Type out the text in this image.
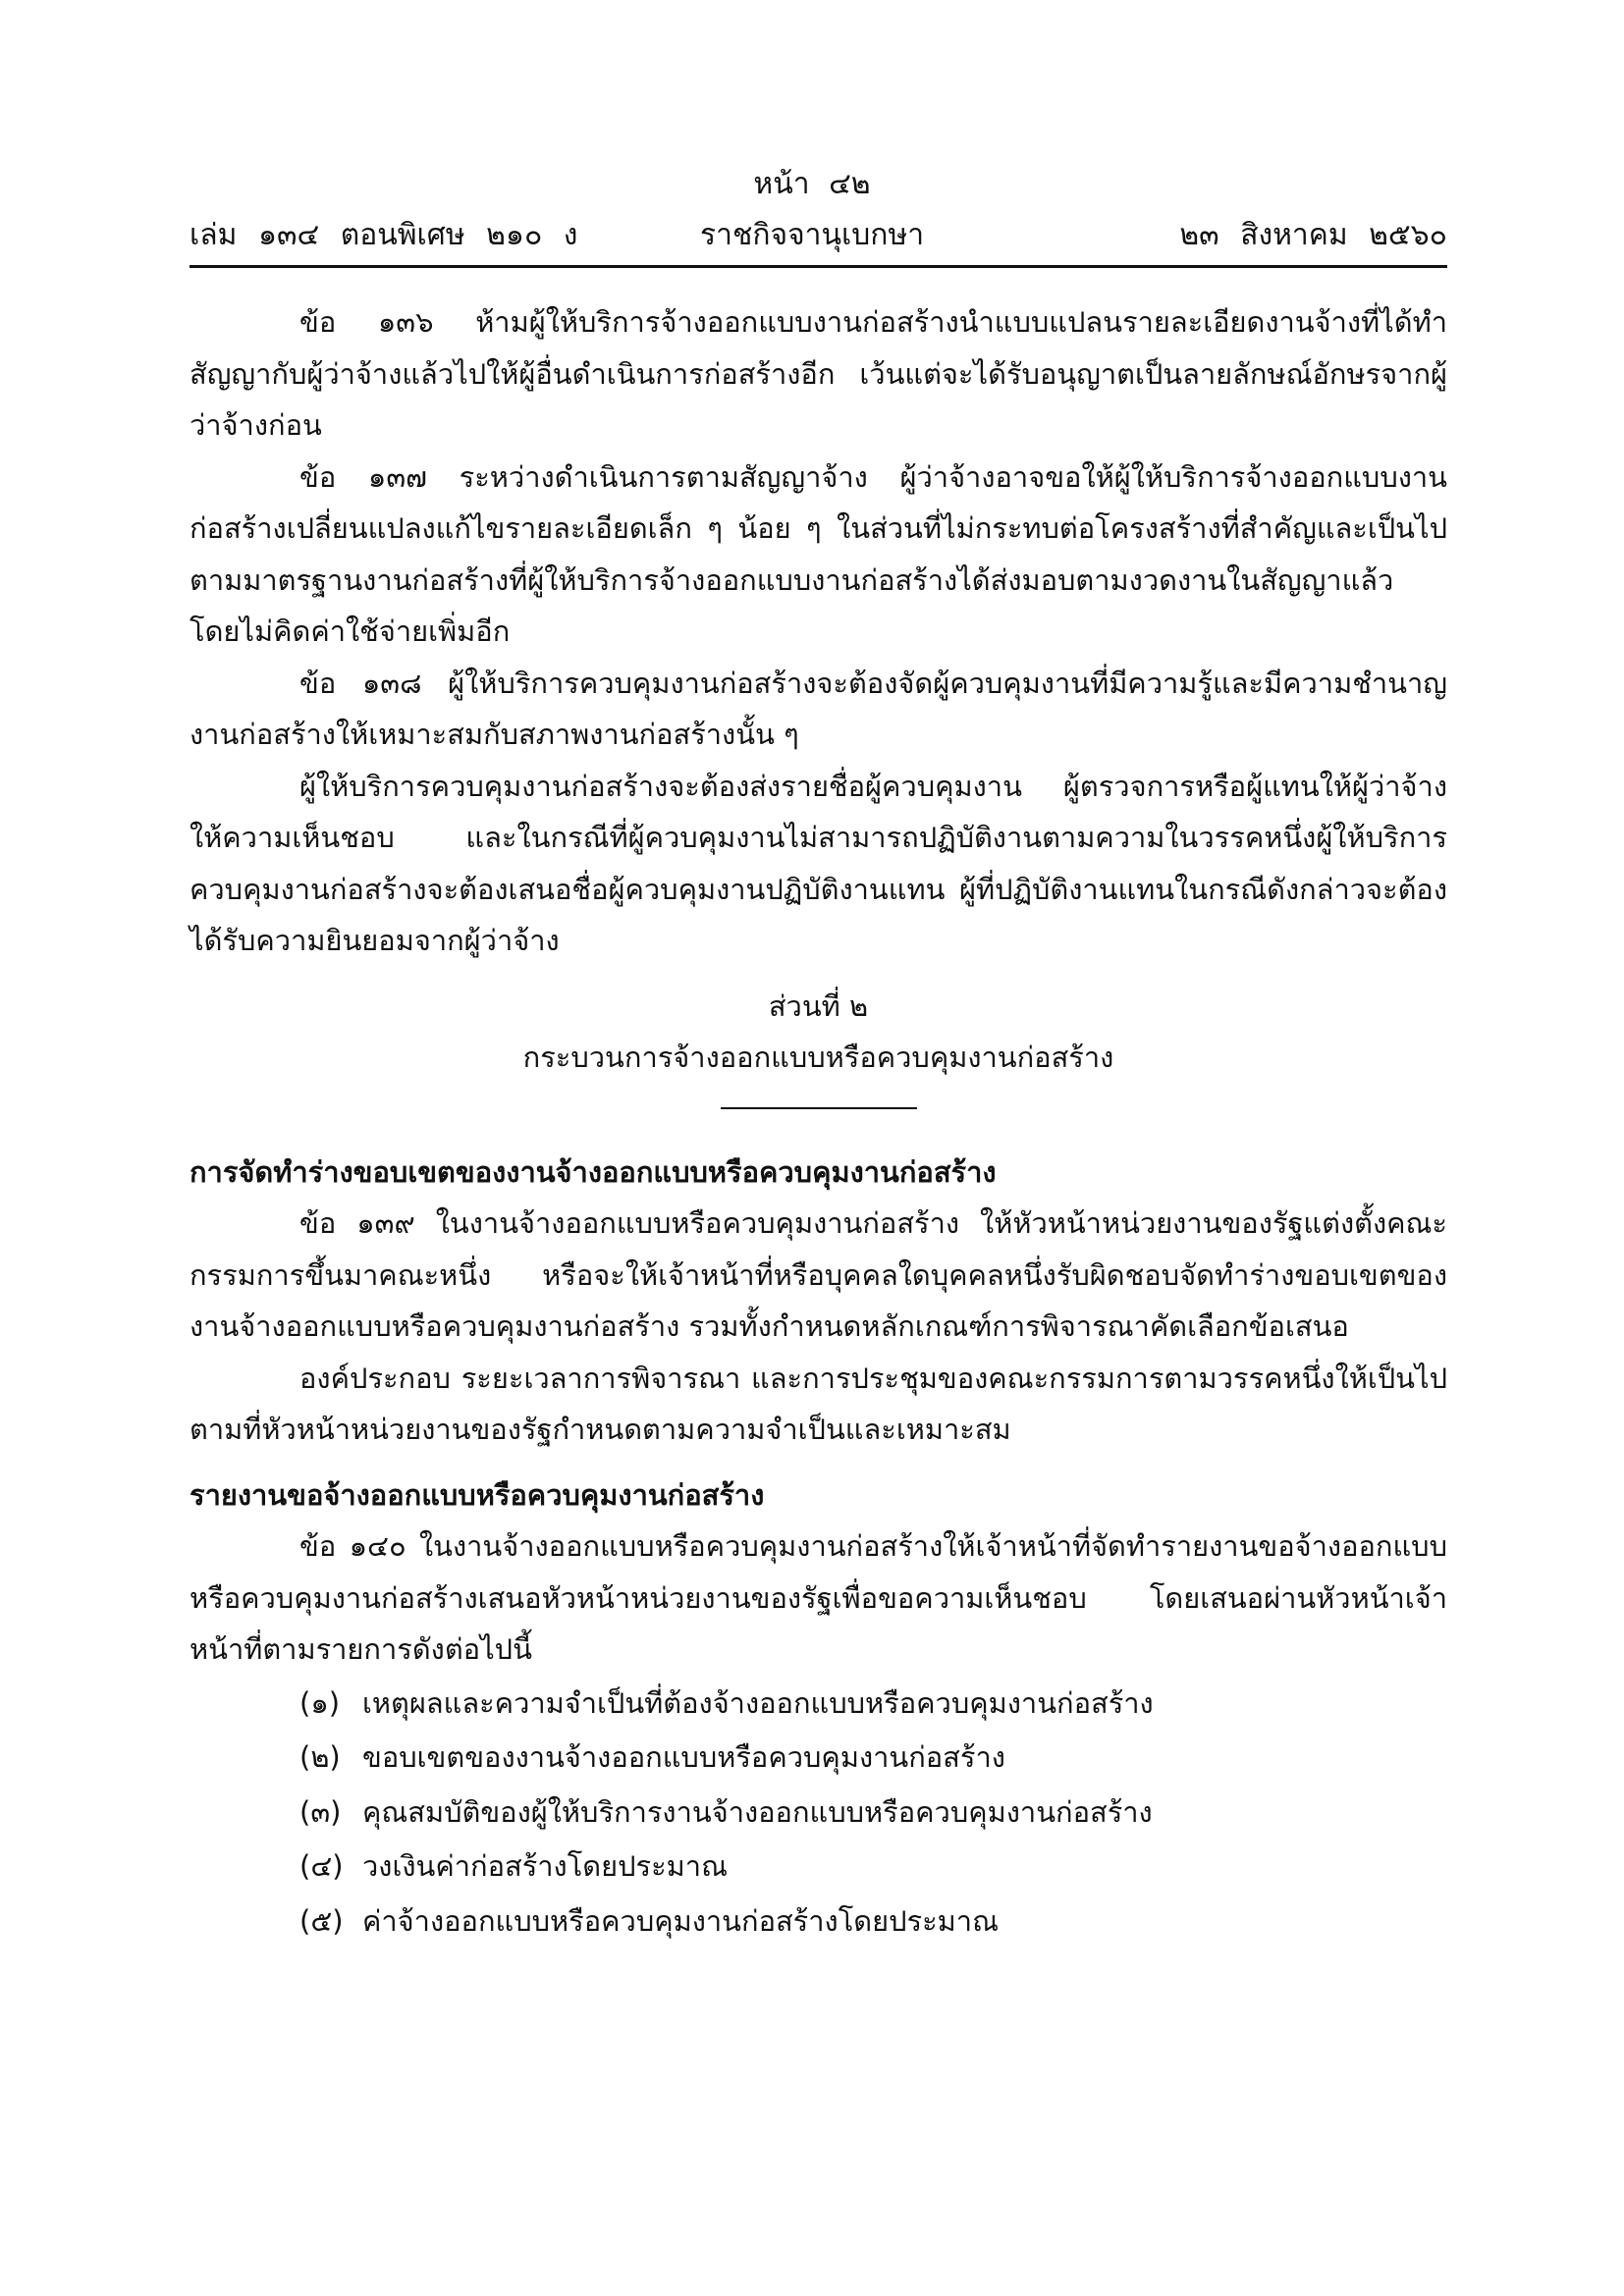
หน้า ๔๒
เล่ม ๑๓๔ ตอนพิเศษ ๒๑๐ ง	ราชกิจจานุเบกษา	๒๓ สิงหาคม ๒๕๖๐

ข้อ ๑๓๖ ห้ามผู้ให้บริการจ้างออกแบบงานก่อสร้างนำแบบแปลนรายละเอียดงานจ้างที่ได้ทำสัญญากับผู้ว่าจ้างแล้วไปให้ผู้อื่นดำเนินการก่อสร้างอีก เว้นแต่จะได้รับอนุญาตเป็นลายลักษณ์อักษรจากผู้ว่าจ้างก่อน

ข้อ ๑๓๗ ระหว่างดำเนินการตามสัญญาจ้าง ผู้ว่าจ้างอาจขอให้ผู้ให้บริการจ้างออกแบบงานก่อสร้างเปลี่ยนแปลงแก้ไขรายละเอียดเล็ก ๆ น้อย ๆ ในส่วนที่ไม่กระทบต่อโครงสร้างที่สำคัญและเป็นไปตามมาตรฐานงานก่อสร้างที่ผู้ให้บริการจ้างออกแบบงานก่อสร้างได้ส่งมอบตามงวดงานในสัญญาแล้ว โดยไม่คิดค่าใช้จ่ายเพิ่มอีก

ข้อ ๑๓๘ ผู้ให้บริการควบคุมงานก่อสร้างจะต้องจัดผู้ควบคุมงานที่มีความรู้และมีความชำนาญงานก่อสร้างให้เหมาะสมกับสภาพงานก่อสร้างนั้น ๆ

ผู้ให้บริการควบคุมงานก่อสร้างจะต้องส่งรายชื่อผู้ควบคุมงาน ผู้ตรวจการหรือผู้แทนให้ผู้ว่าจ้างให้ความเห็นชอบ และในกรณีที่ผู้ควบคุมงานไม่สามารถปฏิบัติงานตามความในวรรคหนึ่งผู้ให้บริการควบคุมงานก่อสร้างจะต้องเสนอชื่อผู้ควบคุมงานปฏิบัติงานแทน ผู้ที่ปฏิบัติงานแทนในกรณีดังกล่าวจะต้องได้รับความยินยอมจากผู้ว่าจ้าง

ส่วนที่ ๒

กระบวนการจ้างออกแบบหรือควบคุมงานก่อสร้าง

การจัดทำร่างขอบเขตของงานจ้างออกแบบหรือควบคุมงานก่อสร้าง

ข้อ ๑๓๙ ในงานจ้างออกแบบหรือควบคุมงานก่อสร้าง ให้หัวหน้าหน่วยงานของรัฐแต่งตั้งคณะกรรมการขึ้นมาคณะหนึ่ง หรือจะให้เจ้าหน้าที่หรือบุคคลใดบุคคลหนึ่งรับผิดชอบจัดทำร่างขอบเขตของงานจ้างออกแบบหรือควบคุมงานก่อสร้าง รวมทั้งกำหนดหลักเกณฑ์การพิจารณาคัดเลือกข้อเสนอ

องค์ประกอบ ระยะเวลาการพิจารณา และการประชุมของคณะกรรมการตามวรรคหนึ่งให้เป็นไปตามที่หัวหน้าหน่วยงานของรัฐกำหนดตามความจำเป็นและเหมาะสม

รายงานขอจ้างออกแบบหรือควบคุมงานก่อสร้าง

ข้อ ๑๔๐ ในงานจ้างออกแบบหรือควบคุมงานก่อสร้างให้เจ้าหน้าที่จัดทำรายงานขอจ้างออกแบบหรือควบคุมงานก่อสร้างเสนอหัวหน้าหน่วยงานของรัฐเพื่อขอความเห็นชอบ โดยเสนอผ่านหัวหน้าเจ้าหน้าที่ตามรายการดังต่อไปนี้

(๑) เหตุผลและความจำเป็นที่ต้องจ้างออกแบบหรือควบคุมงานก่อสร้าง
(๒) ขอบเขตของงานจ้างออกแบบหรือควบคุมงานก่อสร้าง
(๓) คุณสมบัติของผู้ให้บริการงานจ้างออกแบบหรือควบคุมงานก่อสร้าง
(๔) วงเงินค่าก่อสร้างโดยประมาณ
(๕) ค่าจ้างออกแบบหรือควบคุมงานก่อสร้างโดยประมาณ
